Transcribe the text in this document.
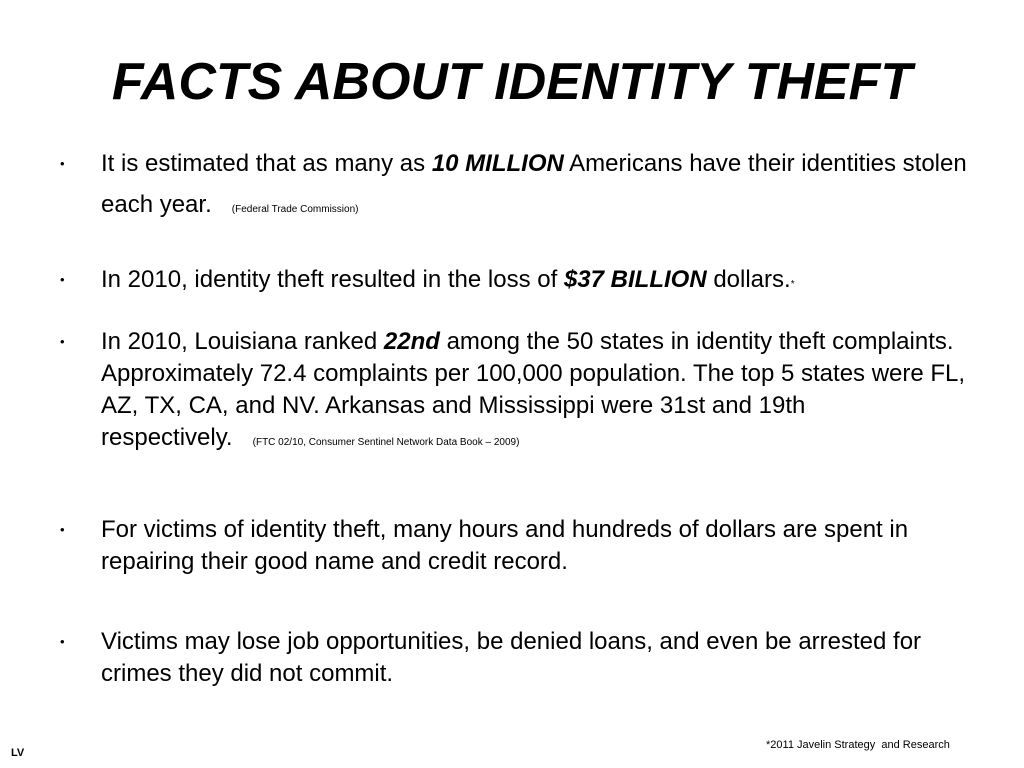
FACTS ABOUT IDENTITY THEFT
• It is estimated that as many as 10 MILLION Americans have their identities stolen each year. (Federal Trade Commission)
• In 2010, identity theft resulted in the loss of $37 BILLION dollars.*
• In 2010, Louisiana ranked 22nd among the 50 states in identity theft complaints. Approximately 72.4 complaints per 100,000 population. The top 5 states were FL, AZ, TX, CA, and NV. Arkansas and Mississippi were 31st and 19th respectively. (FTC 02/10, Consumer Sentinel Network Data Book – 2009)
• For victims of identity theft, many hours and hundreds of dollars are spent in repairing their good name and credit record.
• Victims may lose job opportunities, be denied loans, and even be arrested for crimes they did not commit.
*2011 Javelin Strategy  and Research
LV
